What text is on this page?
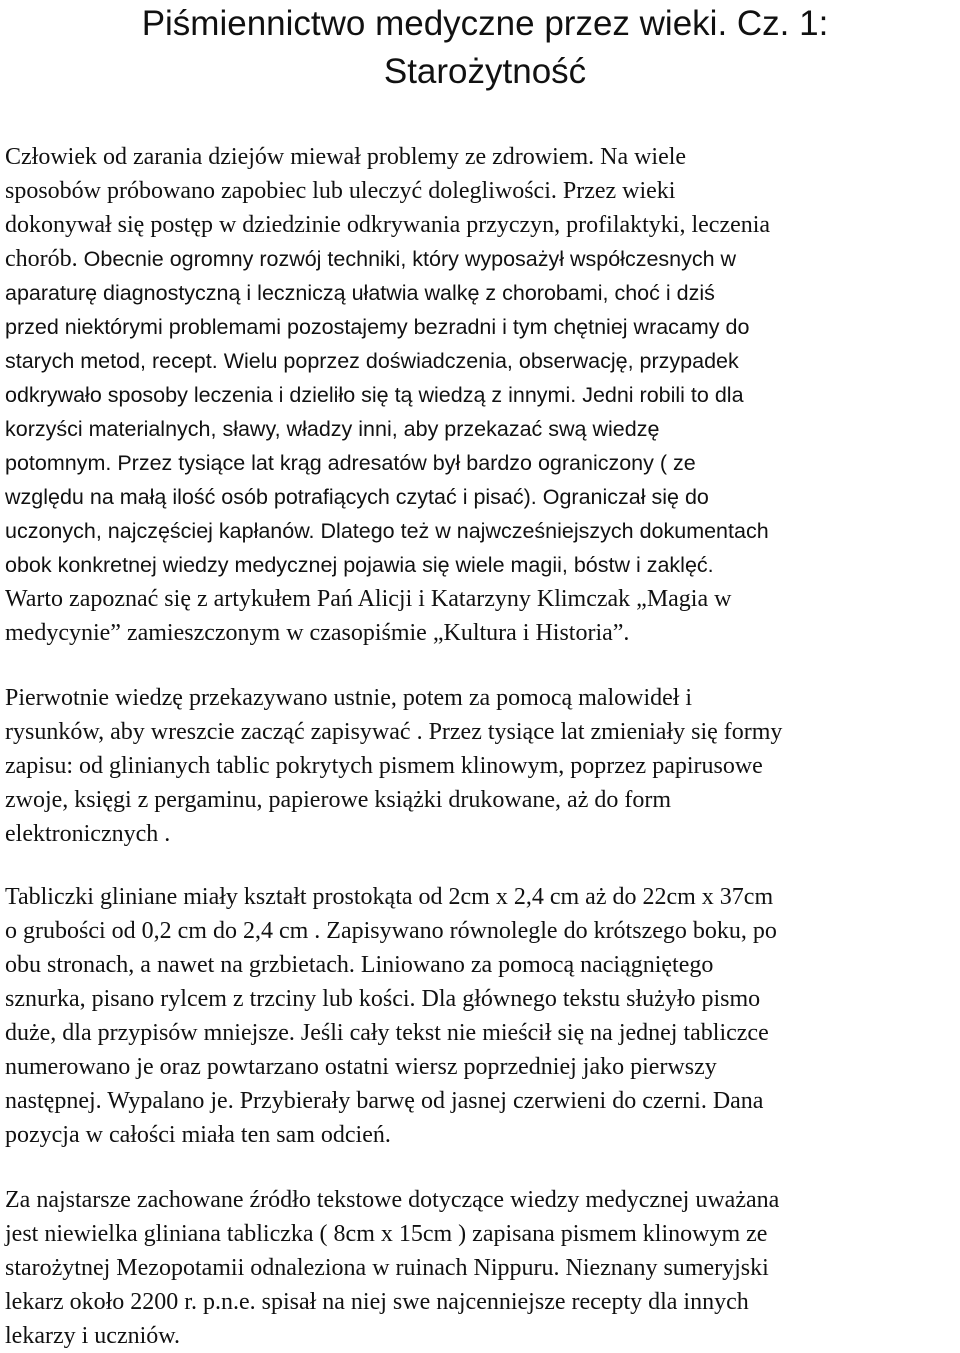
Piśmiennictwo medyczne przez wieki. Cz. 1:
Starożytność
Człowiek od zarania dziejów miewał problemy ze zdrowiem. Na wiele
sposobów próbowano zapobiec lub uleczyć dolegliwości. Przez wieki
dokonywał się postęp w dziedzinie odkrywania przyczyn, profilaktyki, leczenia
chorób. Obecnie ogromny rozwój techniki, który wyposażył współczesnych w
aparaturę diagnostyczną i leczniczą ułatwia walkę z chorobami, choć i dziś
przed niektórymi problemami pozostajemy bezradni i tym chętniej wracamy do
starych metod, recept. Wielu poprzez doświadczenia, obserwację, przypadek
odkrywało sposoby leczenia i dzieliło się tą wiedzą z innymi. Jedni robili to dla
korzyści materialnych, sławy, władzy inni, aby przekazać swą wiedzę
potomnym. Przez tysiące lat krąg adresatów był bardzo ograniczony ( ze
względu na małą ilość osób potrafiących czytać i pisać). Ograniczał się do
uczonych, najczęściej kapłanów. Dlatego też w najwcześniejszych dokumentach
obok konkretnej wiedzy medycznej pojawia się wiele magii, bóstw i zaklęć.
Warto zapoznać się z artykułem Pań Alicji i Katarzyny Klimczak „Magia w
medycynie” zamieszczonym w czasopiśmie „Kultura i Historia”.
Pierwotnie wiedzę przekazywano ustnie, potem za pomocą malowideł i
rysunków, aby wreszcie zacząć zapisywać . Przez tysiące lat zmieniały się formy
zapisu: od glinianych tablic pokrytych pismem klinowym, poprzez papirusowe
zwoje, księgi z pergaminu, papierowe książki drukowane, aż do form
elektronicznych .
Tabliczki gliniane miały kształt prostokąta od 2cm x 2,4 cm aż do 22cm x 37cm
o grubości od 0,2 cm do 2,4 cm . Zapisywano równolegle do krótszego boku, po
obu stronach, a nawet na grzbietach. Liniowano za pomocą naciągniętego
sznurka, pisano rylcem z trzciny lub kości. Dla głównego tekstu służyło pismo
duże, dla przypisów mniejsze. Jeśli cały tekst nie mieścił się na jednej tabliczce
numerowano je oraz powtarzano ostatni wiersz poprzedniej jako pierwszy
następnej. Wypalano je. Przybierały barwę od jasnej czerwieni do czerni. Dana
pozycja w całości miała ten sam odcień.
Za najstarsze zachowane źródło tekstowe dotyczące wiedzy medycznej uważana
jest niewielka gliniana tabliczka ( 8cm x 15cm ) zapisana pismem klinowym ze
starożytnej Mezopotamii odnaleziona w ruinach Nippuru. Nieznany sumeryjski
lekarz około 2200 r. p.n.e. spisał na niej swe najcenniejsze recepty dla innych
lekarzy i uczniów.
